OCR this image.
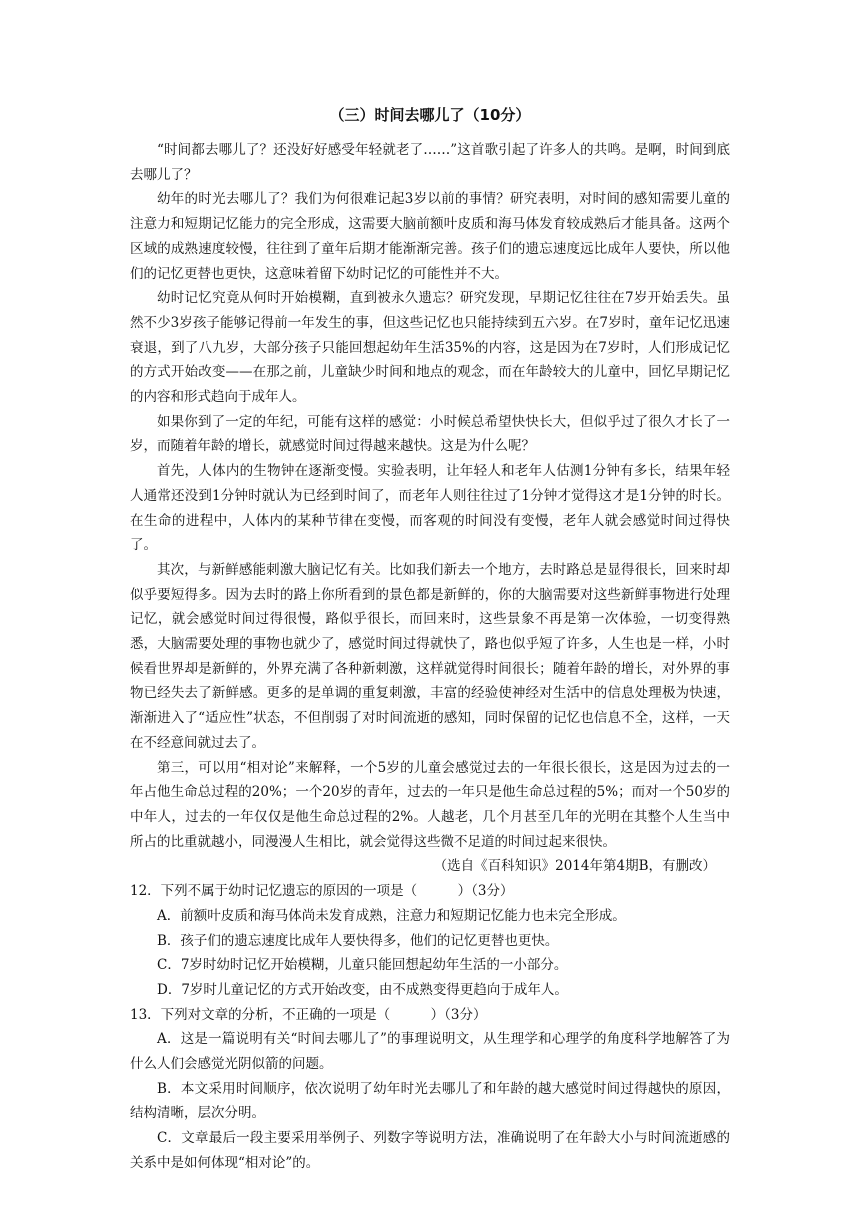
（三）时间去哪儿了（10分）

“时间都去哪儿了？还没好好感受年轻就老了……”这首歌引起了许多人的共鸣。是啊，时间到底去哪儿了？

幼年的时光去哪儿了？我们为何很难记起3岁以前的事情？研究表明，对时间的感知需要儿童的注意力和短期记忆能力的完全形成，这需要大脑前额叶皮质和海马体发育较成熟后才能具备。这两个区域的成熟速度较慢，往往到了童年后期才能渐渐完善。孩子们的遗忘速度远比成年人要快，所以他们的记忆更替也更快，这意味着留下幼时记忆的可能性并不大。

幼时记忆究竟从何时开始模糊，直到被永久遗忘？研究发现，早期记忆往往在7岁开始丢失。虽然不少3岁孩子能够记得前一年发生的事，但这些记忆也只能持续到五六岁。在7岁时，童年记忆迅速衰退，到了八九岁，大部分孩子只能回想起幼年生活35%的内容，这是因为在7岁时，人们形成记忆的方式开始改变——在那之前，儿童缺少时间和地点的观念，而在年龄较大的儿童中，回忆早期记忆的内容和形式趋向于成年人。

如果你到了一定的年纪，可能有这样的感觉：小时候总希望快快长大，但似乎过了很久才长了一岁，而随着年龄的增长，就感觉时间过得越来越快。这是为什么呢？

首先，人体内的生物钟在逐渐变慢。实验表明，让年轻人和老年人估测1分钟有多长，结果年轻人通常还没到1分钟时就认为已经到时间了，而老年人则往往过了1分钟才觉得这才是1分钟的时长。在生命的进程中，人体内的某种节律在变慢，而客观的时间没有变慢，老年人就会感觉时间过得快了。

其次，与新鲜感能刺激大脑记忆有关。比如我们新去一个地方，去时路总是显得很长，回来时却似乎要短得多。因为去时的路上你所看到的景色都是新鲜的，你的大脑需要对这些新鲜事物进行处理记忆，就会感觉时间过得很慢，路似乎很长，而回来时，这些景象不再是第一次体验，一切变得熟悉，大脑需要处理的事物也就少了，感觉时间过得就快了，路也似乎短了许多，人生也是一样，小时候看世界却是新鲜的，外界充满了各种新刺激，这样就觉得时间很长；随着年龄的增长，对外界的事物已经失去了新鲜感。更多的是单调的重复刺激，丰富的经验使神经对生活中的信息处理极为快速，渐渐进入了“适应性”状态，不但削弱了对时间流逝的感知，同时保留的记忆也信息不全，这样，一天在不经意间就过去了。

第三，可以用“相对论”来解释，一个5岁的儿童会感觉过去的一年很长很长，这是因为过去的一年占他生命总过程的20%；一个20岁的青年，过去的一年只是他生命总过程的5%；而对一个50岁的中年人，过去的一年仅仅是他生命总过程的2%。人越老，几个月甚至几年的光明在其整个人生当中所占的比重就越小，同漫漫人生相比，就会觉得这些微不足道的时间过起来很快。

（选自《百科知识》2014年第4期B，有删改）

12．下列不属于幼时记忆遗忘的原因的一项是（　　　）（3分）

A．前额叶皮质和海马体尚未发育成熟，注意力和短期记忆能力也未完全形成。

B．孩子们的遗忘速度比成年人要快得多，他们的记忆更替也更快。

C．7岁时幼时记忆开始模糊，儿童只能回想起幼年生活的一小部分。

D．7岁时儿童记忆的方式开始改变，由不成熟变得更趋向于成年人。

13．下列对文章的分析，不正确的一项是（　　　）（3分）

A．这是一篇说明有关“时间去哪儿了”的事理说明文，从生理学和心理学的角度科学地解答了为什么人们会感觉光阴似箭的问题。

B．本文采用时间顺序，依次说明了幼年时光去哪儿了和年龄的越大感觉时间过得越快的原因，结构清晰，层次分明。

C．文章最后一段主要采用举例子、列数字等说明方法，准确说明了在年龄大小与时间流逝感的关系中是如何体现“相对论”的。
